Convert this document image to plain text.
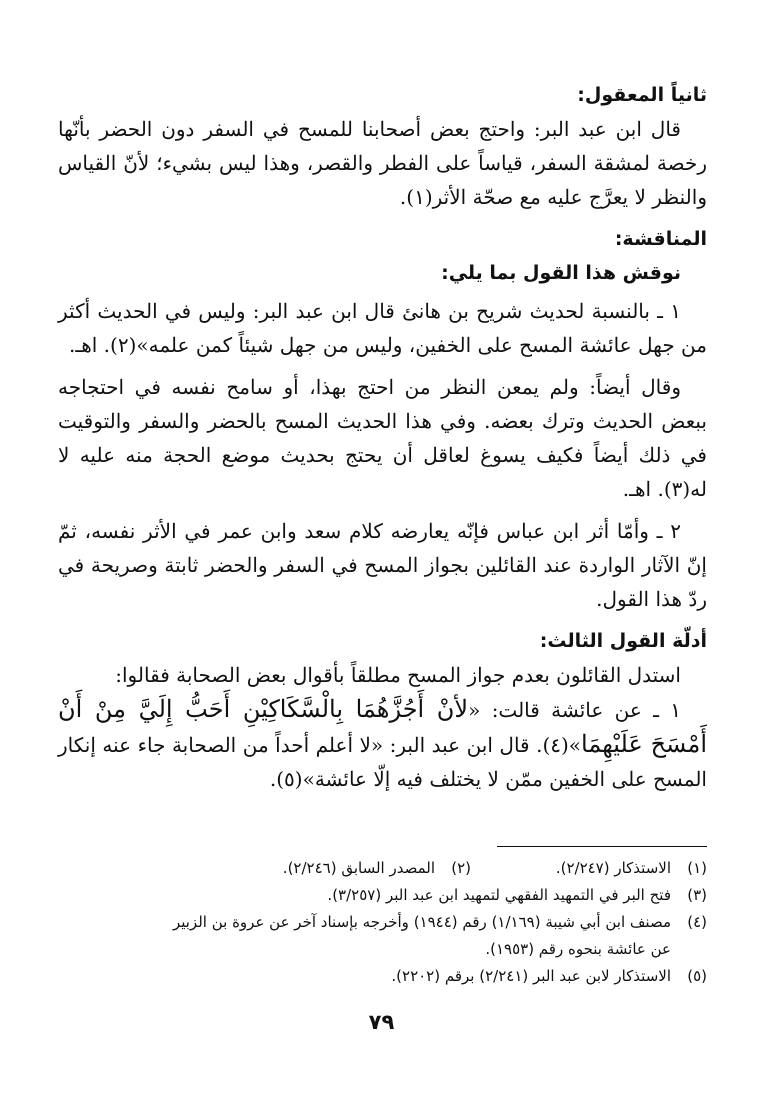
ثانياً المعقول:

قال ابن عبد البر: واحتج بعض أصحابنا للمسح في السفر دون الحضر بأنّها رخصة لمشقة السفر، قياساً على الفطر والقصر، وهذا ليس بشيء؛ لأنّ القياس والنظر لا يعرَّج عليه مع صحّة الأثر(١).

المناقشة:
نوقش هذا القول بما يلي:

١ ـ بالنسبة لحديث شريح بن هانئ قال ابن عبد البر: وليس في الحديث أكثر من جهل عائشة المسح على الخفين، وليس من جهل شيئاً كمن علمه»(٢). اهـ.

وقال أيضاً: ولم يمعن النظر من احتج بهذا، أو سامح نفسه في احتجاجه ببعض الحديث وترك بعضه. وفي هذا الحديث المسح بالحضر والسفر والتوقيت في ذلك أيضاً فكيف يسوغ لعاقل أن يحتج بحديث موضع الحجة منه عليه لا له(٣). اهـ.

٢ ـ وأمّا أثر ابن عباس فإنّه يعارضه كلام سعد وابن عمر في الأثر نفسه، ثمّ إنّ الآثار الواردة عند القائلين بجواز المسح في السفر والحضر ثابتة وصريحة في ردّ هذا القول.

أدلّة القول الثالث:

استدل القائلون بعدم جواز المسح مطلقاً بأقوال بعض الصحابة فقالوا:

١ ـ عن عائشة قالت: «لأنْ أَجُزَّهُمَا بِالْسَّكَاكِيْنِ أَحَبُّ إِلَيَّ مِنْ أَنْ أَمْسَحَ عَلَيْهِمَا»(٤). قال ابن عبد البر: «لا أعلم أحداً من الصحابة جاء عنه إنكار المسح على الخفين ممّن لا يختلف فيه إلّا عائشة»(٥).

(١)
الاستذكار (٢/٢٤٧).
(٢)
المصدر السابق (٢/٢٤٦).
(٣)
فتح البر في التمهيد الفقهي لتمهيد ابن عبد البر (٣/٢٥٧).
(٤)
مصنف ابن أبي شيبة (١/١٦٩) رقم (١٩٤٤) وأخرجه بإسناد آخر عن عروة بن الزبير
عن عائشة بنحوه رقم (١٩٥٣).
(٥)
الاستذكار لابن عبد البر (٢/٢٤١) برقم (٢٢٠٢).
٧٩
